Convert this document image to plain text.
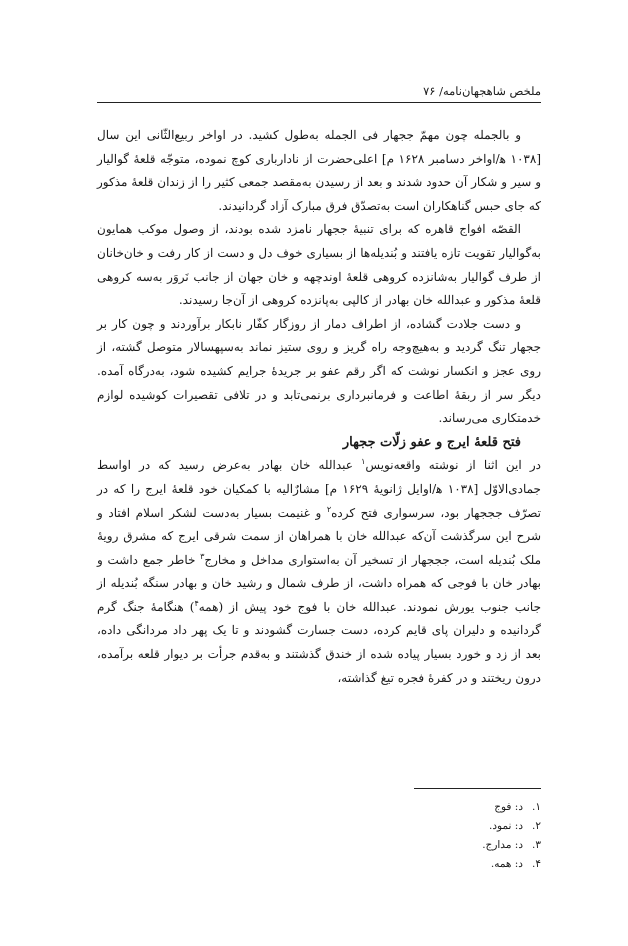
ملخص شاهجهان‌نامه/ ۷۶

و بالجمله چون مهمّ ججهار فی الجمله به‌طول کشید. در اواخر ربیع‌الثّانی این سال [۱۰۳۸ ﻫ/اواخر دسامبر ۱۶۲۸ م] اعلی‌حضرت از نادارباری کوچ نموده، متوجّه قلعهٔ گوالیار و سیر و شکار آن حدود شدند و بعد از رسیدن به‌مقصد جمعی کثیر را از زندان قلعهٔ مذکور که جای حبس گناهکاران است به‌تصدّق فرق مبارک آزاد گردانیدند.

القصّه افواج قاهره که برای تنبیهٔ ججهار نامزد شده بودند، از وصول موکب همایون به‌گوالیار تقویت تازه یافتند و بُندیله‌ها از بسیاری خوف دل و دست از کار رفت و خان‌خانان از طرف گوالیار به‌شانزده کروهی قلعهٔ اوندچهه و خان جهان از جانب نَروَر به‌سه کروهی قلعهٔ مذکور و عبدالله خان بهادر از کالپی به‌پانزده کروهی از آن‌جا رسیدند.

و دست جلادت گشاده، از اطراف دمار از روزگار کفّار نابکار برآوردند و چون کار بر ججهار تنگ گردید و به‌هیچ‌وجه راه گریز و روی ستیز نماند به‌سپهسالار متوصل گشته، از روی عجز و انکسار نوشت که اگر رقم عفو بر جریدهٔ جرایم کشیده شود، به‌درگاه آمده. دیگر سر از ربقهٔ اطاعت و فرمانبرداری برنمی‌تابد و در تلافی تقصیرات کوشیده لوازم خدمتکاری می‌رساند.

فتح قلعهٔ ایرج و عفو زلّات ججهار

در این اثنا از نوشته واقعه‌نویس$^۱$ عبدالله خان بهادر به‌عرض رسید که در اواسط جمادی‌الاوّل [۱۰۳۸ ﻫ/اوایل ژانویهٔ ۱۶۲۹ م] مشارٌالیه با کمکیان خود قلعهٔ ایرج را که در تصرّف جججهار بود، سرسواری فتح کرده$^۲$ و غنیمت بسیار به‌دست لشکر اسلام افتاد و شرح این سرگذشت آن‌که عبدالله خان با همراهان از سمت شرقی ایرج که مشرق رویهٔ ملک بُندیله است، جججهار از تسخیر آن به‌استواری مداخل و مخارج$^۳$ خاطر جمع داشت و بهادر خان با فوجی که همراه داشت، از طرف شمال و رشید خان و بهادر سنگه بُندیله از جانب جنوب یورش نمودند. عبدالله خان با فوج خود پیش از (همه$^۴$) هنگامهٔ جنگ گرم گردانیده و دلیران پای قایم کرده، دست جسارت گشودند و تا یک پهر داد مردانگی داده، بعد از زد و خورد بسیار پیاده شده از خندق گذشتند و به‌قدم جرأت بر دیوار قلعه برآمده، درون ریختند و در کفرهٔ فجره تیغ گذاشته،

۱.د: فوج
۲.د: نمود.
۳.د: مدارج.
۴.د: همه.
